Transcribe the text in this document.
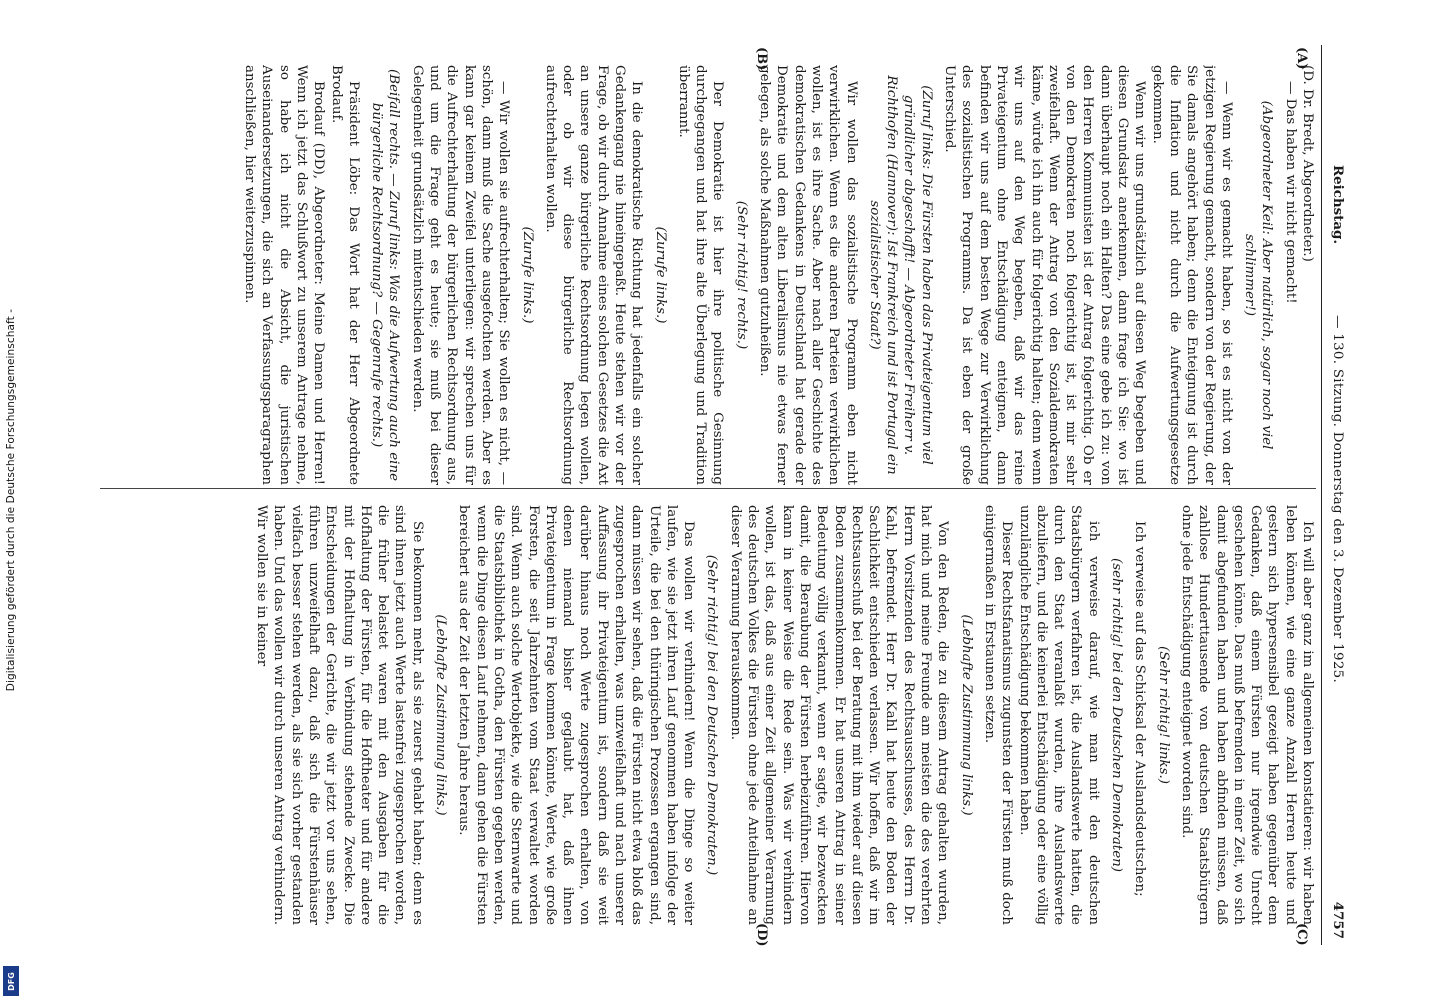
Digitalisierung gefördert durch die Deutsche Forschungsgemeinschaft -
DFG
Reichstag.
— 130. Sitzung. Donnerstag den 3. Dezember 1925.
4757
(A)
(B)
(C)
(D)

(D. Dr. Bredt, Abgeordneter.)

— Das haben wir nicht gemacht!

(Abgeordneter Keil: Aber natürlich, sogar noch viel schlimmer!)

— Wenn wir es gemacht haben, so ist es nicht von der jetzigen Regierung gemacht, sondern von der Regierung, der Sie damals angehört haben; denn die Enteignung ist durch die Inflation und nicht durch die Aufwertungsgesetze gekommen.

Wenn wir uns grundsätzlich auf diesen Weg begeben und diesen Grundsatz anerkennen, dann frage ich Sie: wo ist dann überhaupt noch ein Halten? Das eine gebe ich zu: von den Herren Kommunisten ist der Antrag folgerichtig. Ob er von den Demokraten noch folgerichtig ist, ist mir sehr zweifelhaft. Wenn der Antrag von den Sozialdemokraten käme, würde ich ihn auch für folgerichtig halten; denn wenn wir uns auf den Weg begeben, daß wir das reine Privateigentum ohne Entschädigung enteignen, dann befinden wir uns auf dem besten Wege zur Verwirklichung des sozialistischen Programms. Da ist eben der große Unterschied.

(Zuruf links: Die Fürsten haben das Privateigentum viel gründlicher abgeschafft! — Abgeordneter Freiherr v. Richthofen (Hannover): Ist Frankreich und ist Portugal ein sozialistischer Staat?)

Wir wollen das sozialistische Programm eben nicht verwirklichen. Wenn es die anderen Parteien verwirklichen wollen, ist es ihre Sache. Aber nach aller Geschichte des demokratischen Gedankens in Deutschland hat gerade der Demokratie und dem alten Liberalismus nie etwas ferner gelegen, als solche Maßnahmen gutzuheißen.

(Sehr richtig! rechts.)

Der Demokratie ist hier ihre politische Gesinnung durchgegangen und hat ihre alte Überlegung und Tradition überrannt.

(Zurufe links.)

In die demokratische Richtung hat jedenfalls ein solcher Gedankengang nie hineingepaßt. Heute stehen wir vor der Frage, ob wir durch Annahme eines solchen Gesetzes die Axt an unsere ganze bürgerliche Rechtsordnung legen wollen, oder ob wir diese bürgerliche Rechtsordnung aufrechterhalten wollen.

(Zurufe links.)

— Wir wollen sie aufrechterhalten; Sie wollen es nicht, — schön, dann muß die Sache ausgefochten werden. Aber es kann gar keinem Zweifel unterliegen: wir sprechen uns für die Aufrechterhaltung der bürgerlichen Rechtsordnung aus, und um die Frage geht es heute; sie muß bei dieser Gelegenheit grundsätzlich mitentschieden werden.

(Beifall rechts. — Zuruf links: Was die Aufwertung auch eine bürgerliche Rechtsordnung? — Gegenrufe rechts.)

Präsident Löbe: Das Wort hat der Herr Abgeordnete Brodauf.

Brodauf (DD), Abgeordneter: Meine Damen und Herren! Wenn ich jetzt das Schlußwort zu unserem Antrage nehme, so habe ich nicht die Absicht, die juristischen Auseinandersetzungen, die sich an Verfassungsparagraphen anschließen, hier weiterzuspinnen.

Ich will aber ganz im allgemeinen konstatieren: wir haben leben können, wie eine ganze Anzahl Herren heute und gestern sich hypersensibel gezeigt haben gegenüber dem Gedanken, daß einem Fürsten nur irgendwie Unrecht geschehen könne. Das muß befremden in einer Zeit, wo sich damit abgefunden haben und haben abfinden müssen, daß zahllose Hunderttausende von deutschen Staatsbürgern ohne jede Entschädigung enteignet worden sind.

(Sehr richtig! links.)

Ich verweise auf das Schicksal der Auslandsdeutschen;

(sehr richtig! bei den Deutschen Demokraten)

ich verweise darauf, wie man mit den deutschen Staatsbürgern verfahren ist, die Auslandswerte hatten, die durch den Staat veranlaßt wurden, ihre Auslandswerte abzuliefern, und die keinerlei Entschädigung oder eine völlig unzulängliche Entschädigung bekommen haben.

Dieser Rechtsfanatismus zugunsten der Fürsten muß doch einigermaßen in Erstaunen setzen.

(Lebhafte Zustimmung links.)

Von den Reden, die zu diesem Antrag gehalten wurden, hat mich und meine Freunde am meisten die des verehrten Herrn Vorsitzenden des Rechtsausschusses, des Herrn Dr. Kahl, befremdet. Herr Dr. Kahl hat heute den Boden der Sachlichkeit entschieden verlassen. Wir hoffen, daß wir im Rechtsausschuß bei der Beratung mit ihm wieder auf diesen Boden zusammenkommen. Er hat unseren Antrag in seiner Bedeutung völlig verkannt, wenn er sagte, wir bezweckten damit, die Beraubung der Fürsten herbeizuführen. Hiervon kann in keiner Weise die Rede sein. Was wir verhindern wollen, ist das, daß aus einer Zeit allgemeiner Verarmung des deutschen Volkes die Fürsten ohne jede Anteilnahme an dieser Verarmung herauskommen.

(Sehr richtig! bei den Deutschen Demokraten.)

Das wollen wir verhindern! Wenn die Dinge so weiter laufen, wie sie jetzt ihren Lauf genommen haben infolge der Urteile, die bei den thüringischen Prozessen ergangen sind, dann müssen wir sehen, daß die Fürsten nicht etwa bloß das zugesprochen erhalten, was unzweifelhaft und nach unserer Auffassung ihr Privateigentum ist, sondern daß sie weit darüber hinaus noch Werte zugesprochen erhalten, von denen niemand bisher geglaubt hat, daß ihnen Privateigentum in Frage kommen könnte, Werte, wie große Forsten, die seit Jahrzehnten vom Staat verwaltet worden sind. Wenn auch solche Wertobjekte, wie die Sternwarte und die Staatsbibliothek in Gotha, den Fürsten gegeben werden, wenn die Dinge diesen Lauf nehmen, dann gehen die Fürsten bereichert aus der Zeit der letzten Jahre heraus.

(Lebhafte Zustimmung links.)

Sie bekommen mehr, als sie zuerst gehabt haben; denn es sind ihnen jetzt auch Werte lastenfrei zugesprochen worden, die früher belastet waren mit den Ausgaben für die Hofhaltung der Fürsten, für die Hoftheater und für andere mit der Hofhaltung in Verbindung stehende Zwecke. Die Entscheidungen der Gerichte, die wir jetzt vor uns sehen, führen unzweifelhaft dazu, daß sich die Fürstenhäuser vielfach besser stehen werden, als sie sich vorher gestanden haben. Und das wollen wir durch unseren Antrag verhindern. Wir wollen sie in keiner
